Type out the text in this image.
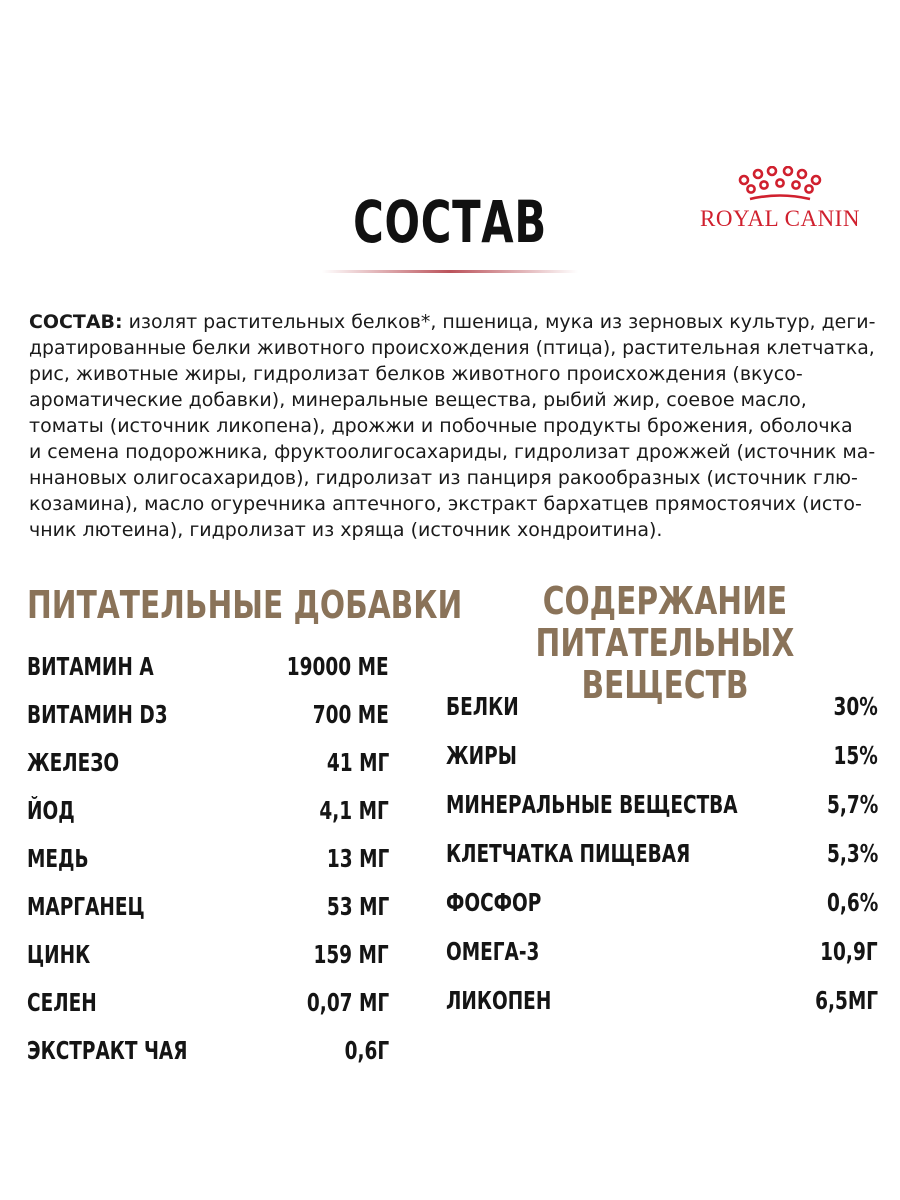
СОСТАВ	ROYAL CANIN

СОСТАВ: изолят растительных белков*, пшеница, мука из зерновых культур, деги-
дратированные белки животного происхождения (птица), растительная клетчатка,
рис, животные жиры, гидролизат белков животного происхождения (вкусо-
ароматические добавки), минеральные вещества, рыбий жир, соевое масло,
томаты (источник ликопена), дрожжи и побочные продукты брожения, оболочка
и семена подорожника, фруктоолигосахариды, гидролизат дрожжей (источник ма-
ннановых олигосахаридов), гидролизат из панциря ракообразных (источник глю-
козамина), масло огуречника аптечного, экстракт бархатцев прямостоячих (исто-
чник лютеина), гидролизат из хряща (источник хондроитина).

ПИТАТЕЛЬНЫЕ ДОБАВКИ	СОДЕРЖАНИЕ ПИТАТЕЛЬНЫХ
ВЕЩЕСТВ
ВИТАМИН А	19000 МЕ
ВИТАМИН D3	700 МЕ
ЖЕЛЕЗО	41 МГ
ЙОД	4,1 МГ
МЕДЬ	13 МГ
МАРГАНЕЦ	53 МГ
ЦИНК	159 МГ
СЕЛЕН	0,07 МГ
ЭКСТРАКТ ЧАЯ	0,6Г
БЕЛКИ	30%
ЖИРЫ	15%
МИНЕРАЛЬНЫЕ ВЕЩЕСТВА	5,7%
КЛЕТЧАТКА ПИЩЕВАЯ	5,3%
ФОСФОР	0,6%
ОМЕГА-3	10,9Г
ЛИКОПЕН	6,5МГ
